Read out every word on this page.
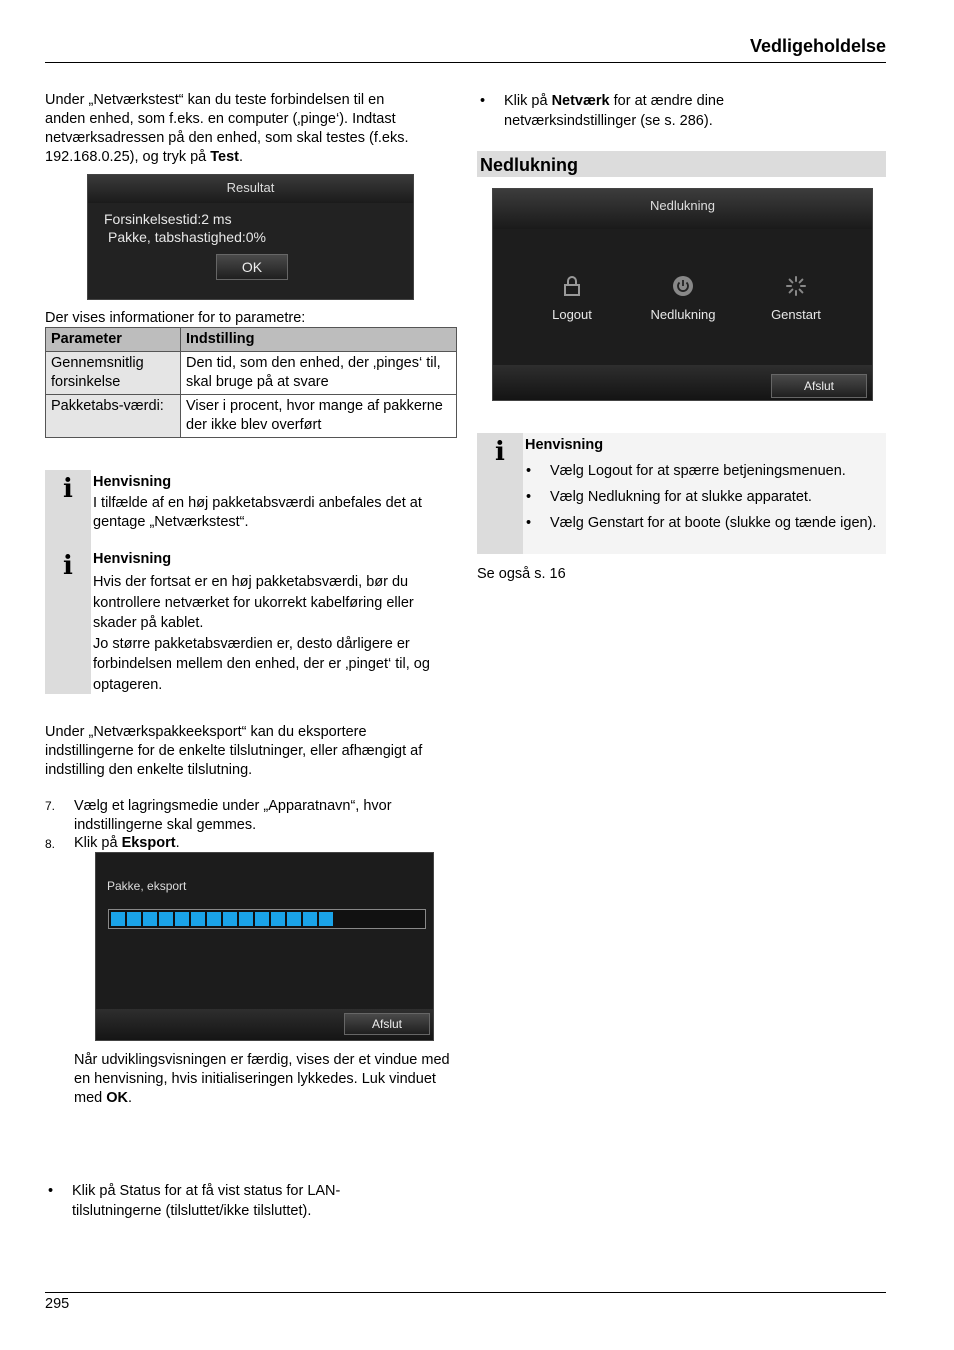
Vedligeholdelse

Under „Netværkstest“ kan du teste forbindelsen til en

anden enhed, som f.eks. en computer (‚pinge‘). Indtast

netværksadressen på den enhed, som skal testes (f.eks.

192.168.0.25), og tryk på Test.

Resultat
Forsinkelsestid:2 ms
Pakke, tabshastighed:0%
OK

Der vises informationer for to parametre:

Parameter	Indstilling
Gennemsnitlig forsinkelse	Den tid, som den enhed, der ‚pinges‘ til, skal bruge på at svare
Pakketabs-værdi:	Viser i procent, hvor mange af pakkerne der ikke blev overført
i	Henvisning

I tilfælde af en høj pakketabsværdi anbefales det at gentage „Netværkstest“.

i	Henvisning

Hvis der fortsat er en høj pakketabsværdi, bør du kontrollere netværket for ukorrekt kabelføring eller skader på kablet.

Jo større pakketabsværdien er, desto dårligere er forbindelsen mellem den enhed, der er ‚pinget‘ til, og optageren.

Under „Netværkspakkeeksport“ kan du eksportere indstillingerne for de enkelte tilslutninger, eller afhængigt af indstilling den enkelte tilslutning.

7. Vælg et lagringsmedie under „Apparatnavn“, hvor indstillingerne skal gemmes.

8. Klik på Eksport.

Pakke, eksport
Afslut

Når udviklingsvisningen er færdig, vises der et vindue med en henvisning, hvis initialiseringen lykkedes. Luk vinduet med OK.

• Klik på Status for at få vist status for LAN-tilslutningerne (tilsluttet/ikke tilsluttet).
• Klik på Netværk for at ændre dine netværksindstillinger (se s. 286).
Nedlukning
Nedlukning
Logout	Nedlukning	Genstart
Afslut
i	Henvisning

• Vælg Logout for at spærre betjeningsmenuen.
• Vælg Nedlukning for at slukke apparatet.
• Vælg Genstart for at boote (slukke og tænde igen).

Se også s. 16

295
